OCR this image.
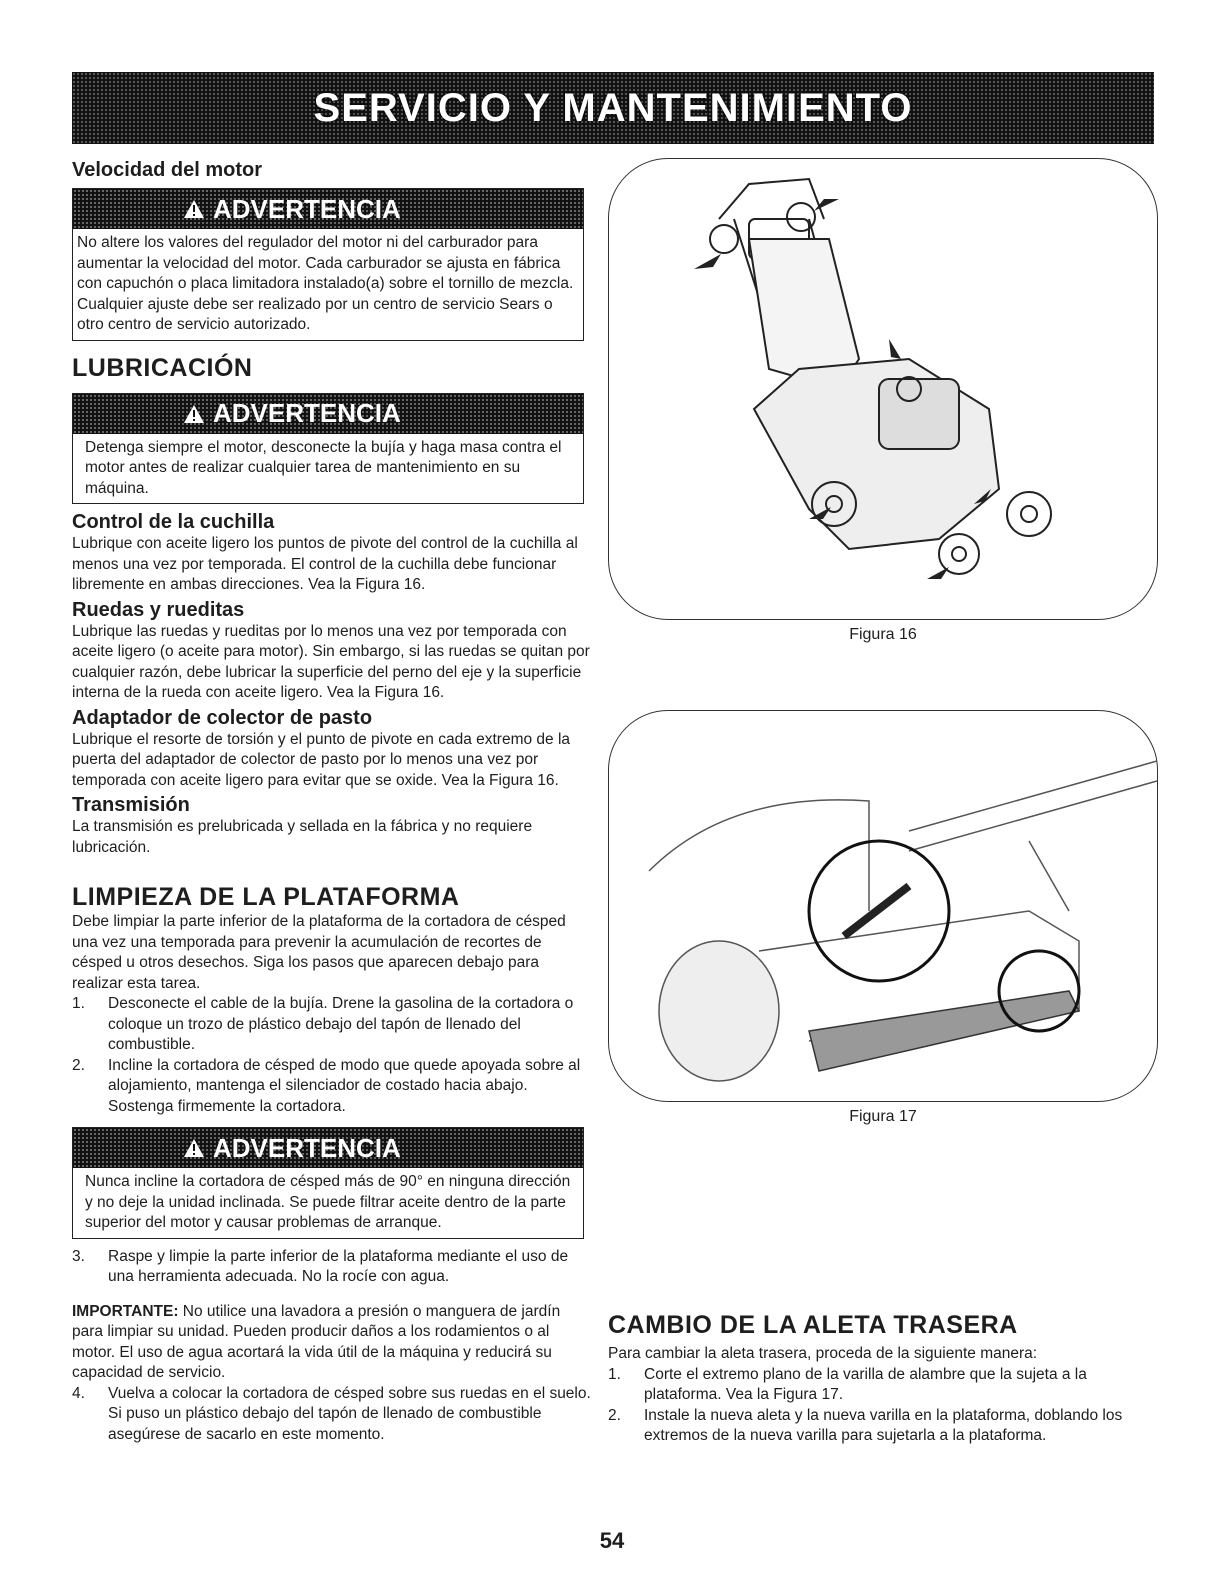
SERVICIO Y MANTENIMIENTO
Velocidad del motor
ADVERTENCIA

No altere los valores del regulador del motor ni del carburador para aumentar la velocidad del motor. Cada carburador se ajusta en fábrica con capuchón o placa limitadora instalado(a) sobre el tornillo de mezcla. Cualquier ajuste debe ser realizado por un centro de servicio Sears o otro centro de servicio autorizado.

LUBRICACIÓN
ADVERTENCIA

Detenga siempre el motor, desconecte la bujía y haga masa contra el motor antes de realizar cualquier tarea de mantenimiento en su máquina.

Control de la cuchilla

Lubrique con aceite ligero los puntos de pivote del control de la cuchilla al menos una vez por temporada. El control de la cuchilla debe funcionar libremente en ambas direcciones. Vea la Figura 16.

Ruedas y rueditas

Lubrique las ruedas y rueditas por lo menos una vez por temporada con aceite ligero (o aceite para motor). Sin embargo, si las ruedas se quitan por cualquier razón, debe lubricar la superficie del perno del eje y la superficie interna de la rueda con aceite ligero. Vea la Figura 16.

Adaptador de colector de pasto

Lubrique el resorte de torsión y el punto de pivote en cada extremo de la puerta del adaptador de colector de pasto por lo menos una vez por temporada con aceite ligero para evitar que se oxide. Vea la Figura 16.

Transmisión

La transmisión es prelubricada y sellada en la fábrica y no requiere lubricación.

LIMPIEZA DE LA PLATAFORMA

Debe limpiar la parte inferior de la plataforma de la cortadora de césped una vez una temporada para prevenir la acumulación de recortes de césped u otros desechos. Siga los pasos que aparecen debajo para realizar esta tarea.

1.	Desconecte el cable de la bujía. Drene la gasolina de la cortadora o coloque un trozo de plástico debajo del tapón de llenado del combustible.
2.	Incline la cortadora de césped de modo que quede apoyada sobre al alojamiento, mantenga el silenciador de costado hacia abajo. Sostenga firmemente la cortadora.
ADVERTENCIA

Nunca incline la cortadora de césped más de 90° en ninguna dirección y no deje la unidad inclinada. Se puede filtrar aceite dentro de la parte superior del motor y causar problemas de arranque.

3.	Raspe y limpie la parte inferior de la plataforma mediante el uso de una herramienta adecuada. No la rocíe con agua.

IMPORTANTE: No utilice una lavadora a presión o manguera de jardín para limpiar su unidad. Pueden producir daños a los rodamientos o al motor. El uso de agua acortará la vida útil de la máquina y reducirá su capacidad de servicio.

4.	Vuelva a colocar la cortadora de césped sobre sus ruedas en el suelo. Si puso un plástico debajo del tapón de llenado de combustible asegúrese de sacarlo en este momento.

Figura 16

Figura 17

CAMBIO DE LA ALETA TRASERA

Para cambiar la aleta trasera, proceda de la siguiente manera:

1.	Corte el extremo plano de la varilla de alambre que la sujeta a la plataforma. Vea la Figura 17.
2.	Instale la nueva aleta y la nueva varilla en la plataforma, doblando los extremos de la nueva varilla para sujetarla a la plataforma.
54
